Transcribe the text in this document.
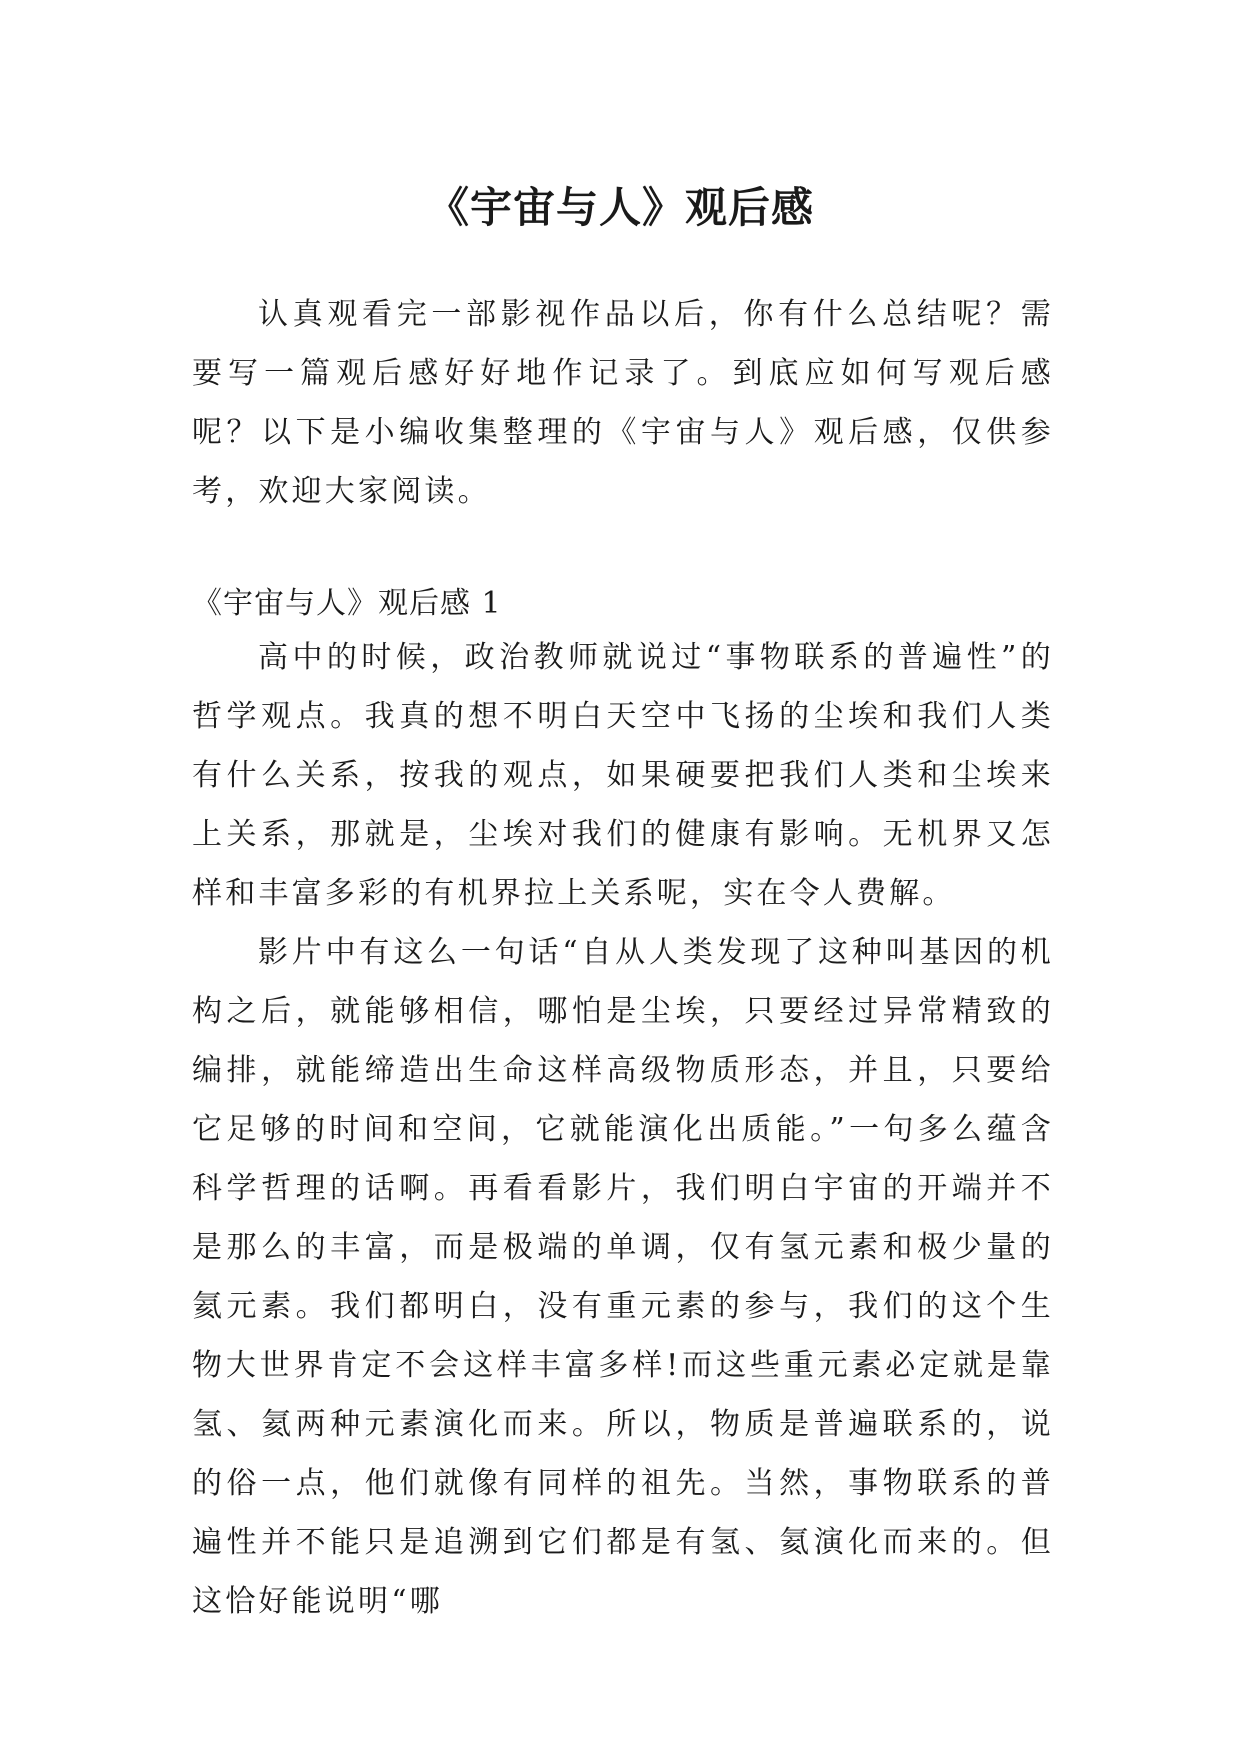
《宇宙与人》观后感

认真观看完一部影视作品以后，你有什么总结呢？需要写一篇观后感好好地作记录了。到底应如何写观后感呢？以下是小编收集整理的《宇宙与人》观后感，仅供参考，欢迎大家阅读。

《宇宙与人》观后感 1

高中的时候，政治教师就说过“事物联系的普遍性”的哲学观点。我真的想不明白天空中飞扬的尘埃和我们人类有什么关系，按我的观点，如果硬要把我们人类和尘埃来上关系，那就是，尘埃对我们的健康有影响。无机界又怎样和丰富多彩的有机界拉上关系呢，实在令人费解。

影片中有这么一句话“自从人类发现了这种叫基因的机构之后，就能够相信，哪怕是尘埃，只要经过异常精致的编排，就能缔造出生命这样高级物质形态，并且，只要给它足够的时间和空间，它就能演化出质能。”一句多么蕴含科学哲理的话啊。再看看影片，我们明白宇宙的开端并不是那么的丰富，而是极端的单调，仅有氢元素和极少量的氦元素。我们都明白，没有重元素的参与，我们的这个生物大世界肯定不会这样丰富多样!而这些重元素必定就是靠氢、氦两种元素演化而来。所以，物质是普遍联系的，说的俗一点，他们就像有同样的祖先。当然，事物联系的普遍性并不能只是追溯到它们都是有氢、氦演化而来的。但这恰好能说明“哪
